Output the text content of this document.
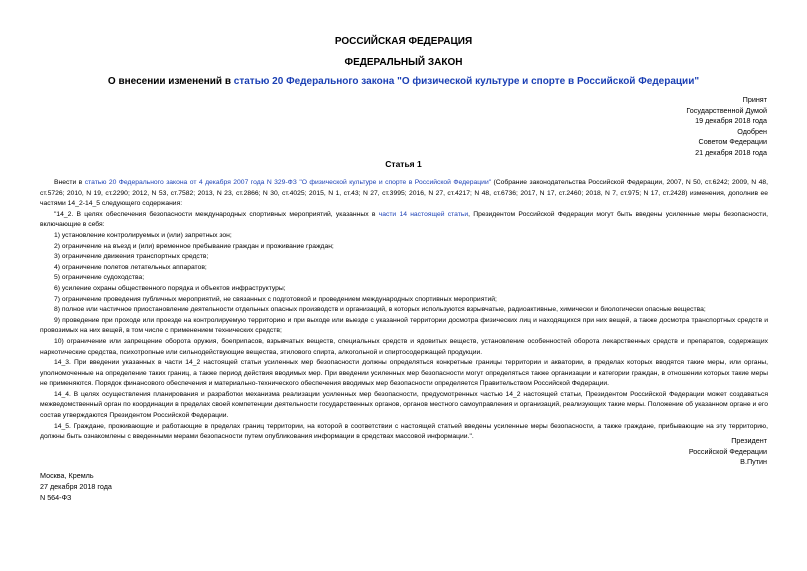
РОССИЙСКАЯ ФЕДЕРАЦИЯ
ФЕДЕРАЛЬНЫЙ ЗАКОН
О внесении изменений в статью 20 Федерального закона "О физической культуре и спорте в Российской Федерации"
Принят
Государственной Думой
19 декабря 2018 года
Одобрен
Советом Федерации
21 декабря 2018 года
Статья 1

Внести в статью 20 Федерального закона от 4 декабря 2007 года N 329-ФЗ "О физической культуре и спорте в Российской Федерации" (Собрание законодательства Российской Федерации, 2007, N 50, ст.6242; 2009, N 48, ст.5726; 2010, N 19, ст.2290; 2012, N 53, ст.7582; 2013, N 23, ст.2866; N 30, ст.4025; 2015, N 1, ст.43; N 27, ст.3995; 2016, N 27, ст.4217; N 48, ст.6736; 2017, N 17, ст.2460; 2018, N 7, ст.975; N 17, ст.2428) изменения, дополнив ее частями 14_2-14_5 следующего содержания:

"14_2. В целях обеспечения безопасности международных спортивных мероприятий, указанных в части 14 настоящей статьи, Президентом Российской Федерации могут быть введены усиленные меры безопасности, включающие в себя:

1) установление контролируемых и (или) запретных зон;

2) ограничение на въезд и (или) временное пребывание граждан и проживание граждан;

3) ограничение движения транспортных средств;

4) ограничение полетов летательных аппаратов;

5) ограничение судоходства;

6) усиление охраны общественного порядка и объектов инфраструктуры;

7) ограничение проведения публичных мероприятий, не связанных с подготовкой и проведением международных спортивных мероприятий;

8) полное или частичное приостановление деятельности отдельных опасных производств и организаций, в которых используются взрывчатые, радиоактивные, химически и биологически опасные вещества;

9) проведение при проходе или проезде на контролируемую территорию и при выходе или выезде с указанной территории досмотра физических лиц и находящихся при них вещей, а также досмотра транспортных средств и провозимых на них вещей, в том числе с применением технических средств;

10) ограничение или запрещение оборота оружия, боеприпасов, взрывчатых веществ, специальных средств и ядовитых веществ, установление особенностей оборота лекарственных средств и препаратов, содержащих наркотические средства, психотропные или сильнодействующие вещества, этилового спирта, алкогольной и спиртосодержащей продукции.

14_3. При введении указанных в части 14_2 настоящей статьи усиленных мер безопасности должны определяться конкретные границы территории и акватории, в пределах которых вводятся такие меры, или органы, уполномоченные на определение таких границ, а также период действия вводимых мер. При введении усиленных мер безопасности могут определяться также организации и категории граждан, в отношении которых такие меры не применяются. Порядок финансового обеспечения и материально-технического обеспечения вводимых мер безопасности определяется Правительством Российской Федерации.

14_4. В целях осуществления планирования и разработки механизма реализации усиленных мер безопасности, предусмотренных частью 14_2 настоящей статьи, Президентом Российской Федерации может создаваться межведомственный орган по координации в пределах своей компетенции деятельности государственных органов, органов местного самоуправления и организаций, реализующих такие меры. Положение об указанном органе и его состав утверждаются Президентом Российской Федерации.

14_5. Граждане, проживающие и работающие в пределах границ территории, на которой в соответствии с настоящей статьей введены усиленные меры безопасности, а также граждане, прибывающие на эту территорию, должны быть ознакомлены с введенными мерами безопасности путем опубликования информации в средствах массовой информации.".	Президент
Российской Федерации
В.Путин
Москва, Кремль
27 декабря 2018 года
N 564-ФЗ
